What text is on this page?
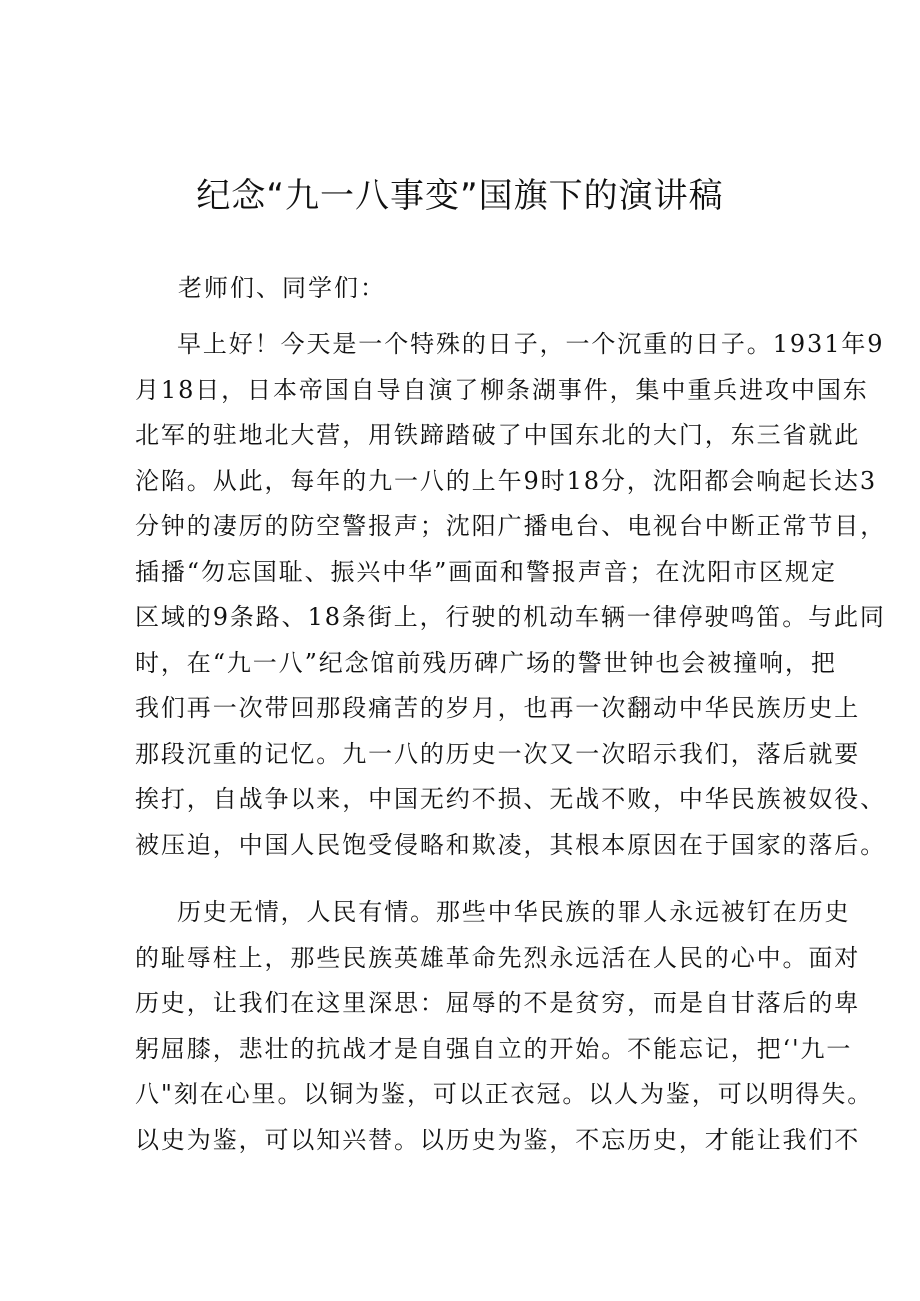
纪念“九一八事变”国旗下的演讲稿
老师们、同学们：
早上好！今天是一个特殊的日子，一个沉重的日子。1931年9
月18日，日本帝国自导自演了柳条湖事件，集中重兵进攻中国东
北军的驻地北大营，用铁蹄踏破了中国东北的大门，东三省就此
沦陷。从此，每年的九一八的上午9时18分，沈阳都会响起长达3
分钟的凄厉的防空警报声；沈阳广播电台、电视台中断正常节目，
插播“勿忘国耻、振兴中华”画面和警报声音；在沈阳市区规定
区域的9条路、18条街上，行驶的机动车辆一律停驶鸣笛。与此同
时，在“九一八”纪念馆前残历碑广场的警世钟也会被撞响，把
我们再一次带回那段痛苦的岁月，也再一次翻动中华民族历史上
那段沉重的记忆。九一八的历史一次又一次昭示我们，落后就要
挨打，自战争以来，中国无约不损、无战不败，中华民族被奴役、
被压迫，中国人民饱受侵略和欺凌，其根本原因在于国家的落后。
历史无情，人民有情。那些中华民族的罪人永远被钉在历史
的耻辱柱上，那些民族英雄革命先烈永远活在人民的心中。面对
历史，让我们在这里深思：屈辱的不是贫穷，而是自甘落后的卑
躬屈膝，悲壮的抗战才是自强自立的开始。不能忘记，把‘'九一
八"刻在心里。以铜为鉴，可以正衣冠。以人为鉴，可以明得失。
以史为鉴，可以知兴替。以历史为鉴，不忘历史，才能让我们不
